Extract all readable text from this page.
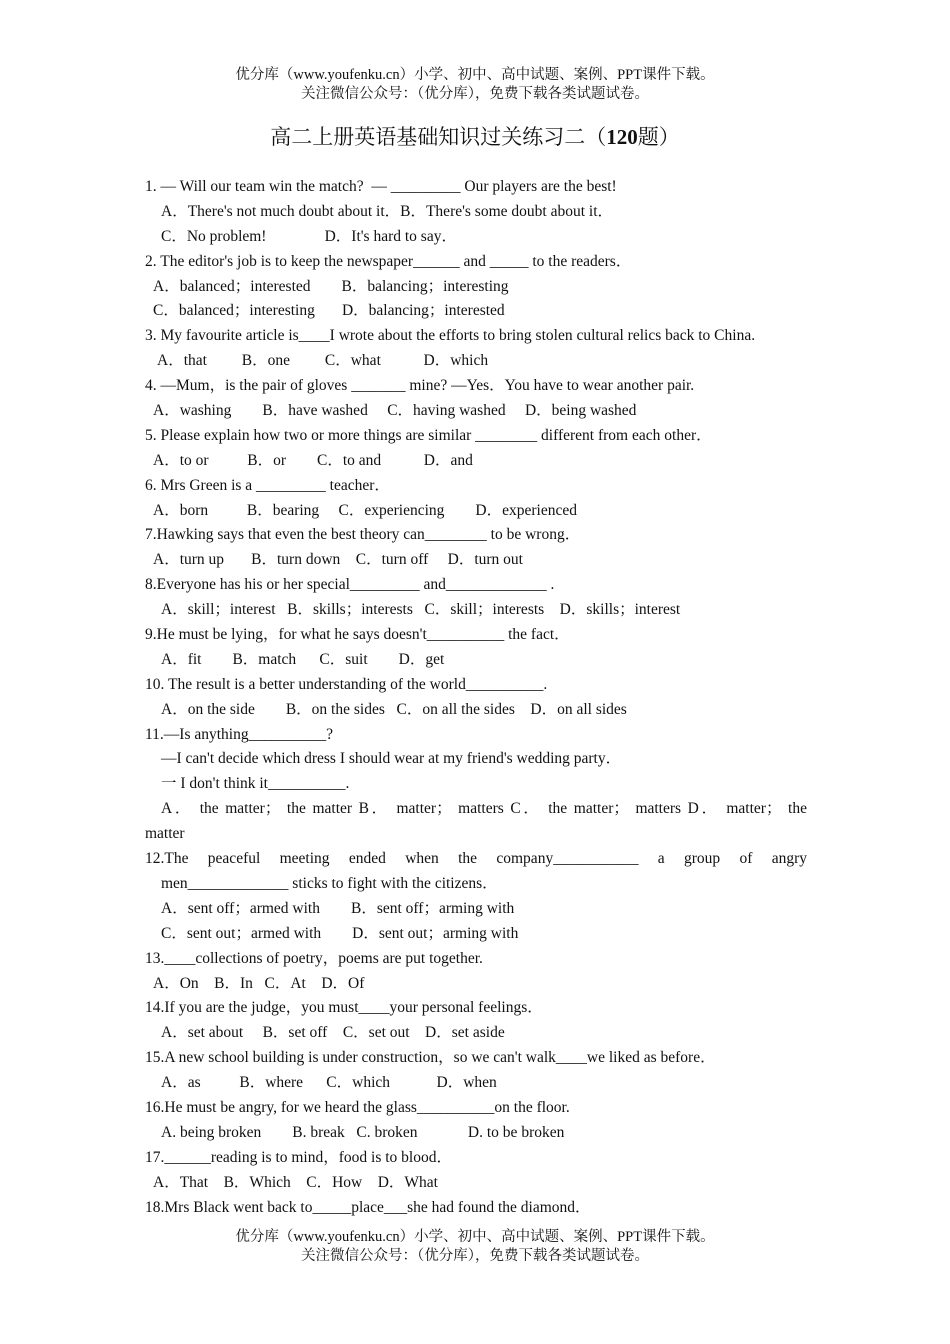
优分库（www.youfenku.cn）小学、初中、高中试题、案例、PPT课件下载。
关注微信公众号：（优分库），免费下载各类试题试卷。
高二上册英语基础知识过关练习二（120题）
1. — Will our team win the match?  — _________ Our players are the best!
A．There's not much doubt about it．B．There's some doubt about it．
C．No problem!               D．It's hard to say．
2. The editor's job is to keep the newspaper______ and _____ to the readers．
A．balanced；interested        B．balancing；interesting
C．balanced；interesting       D．balancing；interested
3. My favourite article is____I wrote about the efforts to bring stolen cultural relics back to China.
A．that         B．one         C．what           D．which
4. —Mum，is the pair of gloves _______ mine? —Yes．You have to wear another pair.
A．washing        B．have washed     C．having washed     D．being washed
5. Please explain how two or more things are similar ________ different from each other．
A．to or          B．or        C．to and           D．and
6. Mrs Green is a _________ teacher．
A．born          B．bearing     C．experiencing        D．experienced
7.Hawking says that even the best theory can________ to be wrong．
A．turn up       B．turn down    C．turn off     D．turn out
8.Everyone has his or her special_________ and_____________ .
A．skill；interest   B．skills；interests   C．skill；interests    D．skills；interest
9.He must be lying，for what he says doesn't__________ the fact．
A．fit        B．match      C．suit        D．get
10. The result is a better understanding of the world__________.
A．on the side        B．on the sides   C．on all the sides    D．on all sides
11.—Is anything__________?
—I can't decide which dress I should wear at my friend's wedding party．
一 I don't think it__________.
A． the matter； the matter B． matter； matters C． the matter； matters D． matter； the
matter
12.The peaceful meeting ended when the company___________ a group of angry
men_____________ sticks to fight with the citizens．
A．sent off；armed with        B．sent off；arming with
C．sent out；armed with        D．sent out；arming with
13.____collections of poetry，poems are put together.
A．On    B．In   C．At    D．Of
14.If you are the judge，you must____your personal feelings．
A．set about     B．set off    C．set out    D．set aside
15.A new school building is under construction，so we can't walk____we liked as before．
A．as          B．where      C．which            D．when
16.He must be angry, for we heard the glass__________on the floor.
A. being broken        B. break   C. broken             D. to be broken
17.______reading is to mind，food is to blood．
A．That    B．Which    C．How    D．What
18.Mrs Black went back to_____place___she had found the diamond．
优分库（www.youfenku.cn）小学、初中、高中试题、案例、PPT课件下载。
关注微信公众号：（优分库），免费下载各类试题试卷。
